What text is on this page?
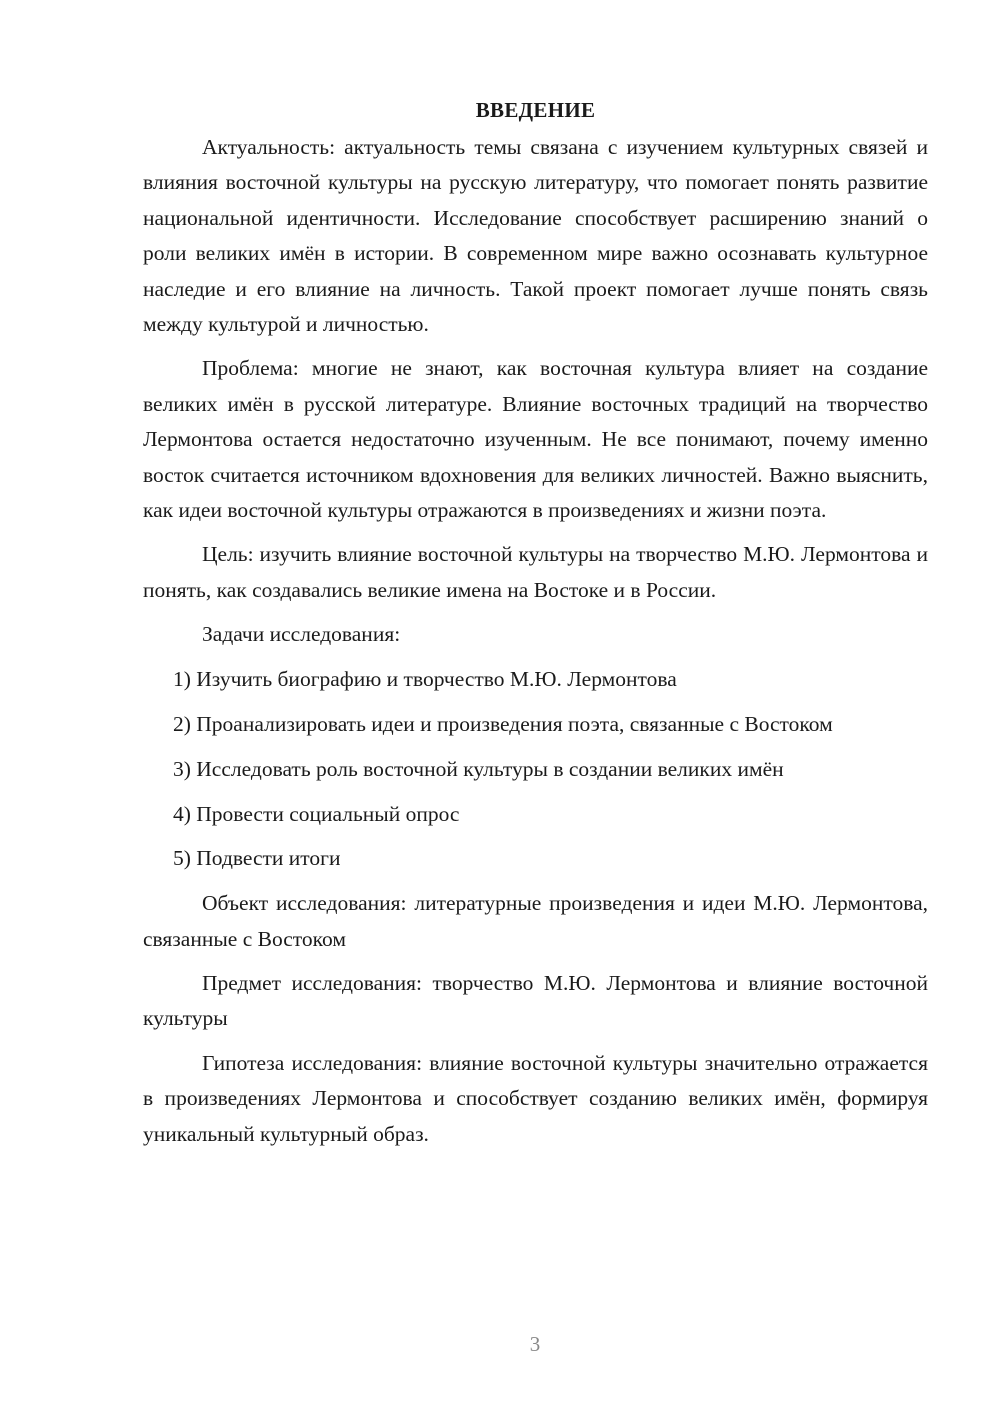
ВВЕДЕНИЕ

Актуальность: актуальность темы связана с изучением культурных связей и влияния восточной культуры на русскую литературу, что помогает понять развитие национальной идентичности. Исследование способствует расширению знаний о роли великих имён в истории. В современном мире важно осознавать культурное наследие и его влияние на личность. Такой проект помогает лучше понять связь между культурой и личностью.

Проблема: многие не знают, как восточная культура влияет на создание великих имён в русской литературе. Влияние восточных традиций на творчество Лермонтова остается недостаточно изученным. Не все понимают, почему именно восток считается источником вдохновения для великих личностей. Важно выяснить, как идеи восточной культуры отражаются в произведениях и жизни поэта.

Цель: изучить влияние восточной культуры на творчество М.Ю. Лермонтова и понять, как создавались великие имена на Востоке и в России.

Задачи исследования:

1) Изучить биографию и творчество М.Ю. Лермонтова

2) Проанализировать идеи и произведения поэта, связанные с Востоком

3) Исследовать роль восточной культуры в создании великих имён

4) Провести социальный опрос

5) Подвести итоги

Объект исследования: литературные произведения и идеи М.Ю. Лермонтова, связанные с Востоком

Предмет исследования: творчество М.Ю. Лермонтова и влияние восточной культуры

Гипотеза исследования: влияние восточной культуры значительно отражается в произведениях Лермонтова и способствует созданию великих имён, формируя уникальный культурный образ.

3
